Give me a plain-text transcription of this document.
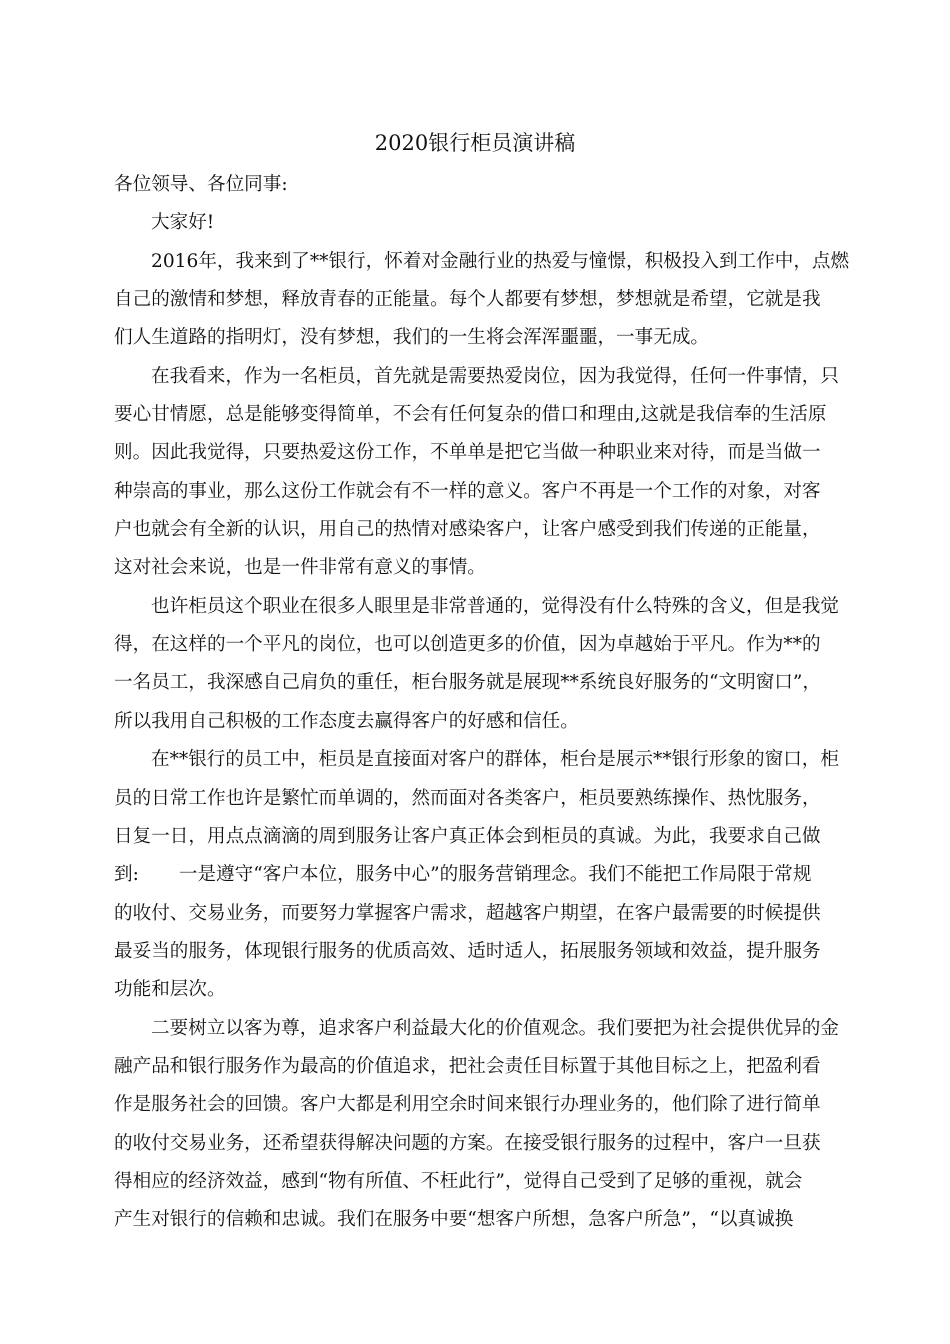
2020银行柜员演讲稿
各位领导、各位同事:
大家好!
2016年，我来到了**银行，怀着对金融行业的热爱与憧憬，积极投入到工作中，点燃
自己的激情和梦想，释放青春的正能量。每个人都要有梦想，梦想就是希望，它就是我
们人生道路的指明灯，没有梦想，我们的一生将会浑浑噩噩，一事无成。
在我看来，作为一名柜员，首先就是需要热爱岗位，因为我觉得，任何一件事情，只
要心甘情愿，总是能够变得简单，不会有任何复杂的借口和理由,这就是我信奉的生活原
则。因此我觉得，只要热爱这份工作，不单单是把它当做一种职业来对待，而是当做一
种崇高的事业，那么这份工作就会有不一样的意义。客户不再是一个工作的对象，对客
户也就会有全新的认识，用自己的热情对感染客户，让客户感受到我们传递的正能量，
这对社会来说，也是一件非常有意义的事情。
也许柜员这个职业在很多人眼里是非常普通的，觉得没有什么特殊的含义，但是我觉
得，在这样的一个平凡的岗位，也可以创造更多的价值，因为卓越始于平凡。作为**的
一名员工，我深感自己肩负的重任，柜台服务就是展现**系统良好服务的“文明窗口”，
所以我用自己积极的工作态度去赢得客户的好感和信任。
在**银行的员工中，柜员是直接面对客户的群体，柜台是展示**银行形象的窗口，柜
员的日常工作也许是繁忙而单调的，然而面对各类客户，柜员要熟练操作、热忱服务，
日复一日，用点点滴滴的周到服务让客户真正体会到柜员的真诚。为此，我要求自己做
到: 一是遵守“客户本位，服务中心”的服务营销理念。我们不能把工作局限于常规
的收付、交易业务，而要努力掌握客户需求，超越客户期望，在客户最需要的时候提供
最妥当的服务，体现银行服务的优质高效、适时适人，拓展服务领域和效益，提升服务
功能和层次。
二要树立以客为尊，追求客户利益最大化的价值观念。我们要把为社会提供优异的金
融产品和银行服务作为最高的价值追求，把社会责任目标置于其他目标之上，把盈利看
作是服务社会的回馈。客户大都是利用空余时间来银行办理业务的，他们除了进行简单
的收付交易业务，还希望获得解决问题的方案。在接受银行服务的过程中，客户一旦获
得相应的经济效益，感到“物有所值、不枉此行”，觉得自己受到了足够的重视，就会
产生对银行的信赖和忠诚。我们在服务中要“想客户所想，急客户所急”，“以真诚换
